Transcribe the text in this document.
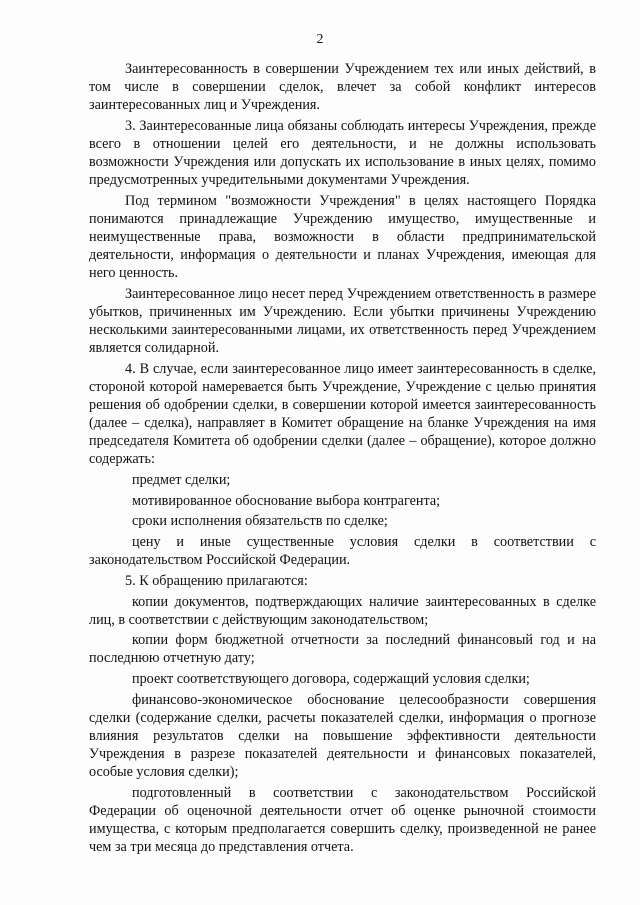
2

Заинтересованность в совершении Учреждением тех или иных действий, в том числе в совершении сделок, влечет за собой конфликт интересов заинтересованных лиц и Учреждения.

3. Заинтересованные лица обязаны соблюдать интересы Учреждения, прежде всего в отношении целей его деятельности, и не должны использовать возможности Учреждения или допускать их использование в иных целях, помимо предусмотренных учредительными документами Учреждения.

Под термином "возможности Учреждения" в целях настоящего Порядка понимаются принадлежащие Учреждению имущество, имущественные и неимущественные права, возможности в области предпринимательской деятельности, информация о деятельности и планах Учреждения, имеющая для него ценность.

Заинтересованное лицо несет перед Учреждением ответственность в размере убытков, причиненных им Учреждению. Если убытки причинены Учреждению несколькими заинтересованными лицами, их ответственность перед Учреждением является солидарной.

4. В случае, если заинтересованное лицо имеет заинтересованность в сделке, стороной которой намеревается быть Учреждение, Учреждение с целью принятия решения об одобрении сделки, в совершении которой имеется заинтересованность (далее – сделка), направляет в Комитет обращение на бланке Учреждения на имя председателя Комитета об одобрении сделки (далее – обращение), которое должно содержать:

предмет сделки;

мотивированное обоснование выбора контрагента;

сроки исполнения обязательств по сделке;

цену и иные существенные условия сделки в соответствии с законодательством Российской Федерации.

5. К обращению прилагаются:

копии документов, подтверждающих наличие заинтересованных в сделке лиц, в соответствии с действующим законодательством;

копии форм бюджетной отчетности за последний финансовый год и на последнюю отчетную дату;

проект соответствующего договора, содержащий условия сделки;

финансово-экономическое обоснование целесообразности совершения сделки (содержание сделки, расчеты показателей сделки, информация о прогнозе влияния результатов сделки на повышение эффективности деятельности Учреждения в разрезе показателей деятельности и финансовых показателей, особые условия сделки);

подготовленный в соответствии с законодательством Российской Федерации об оценочной деятельности отчет об оценке рыночной стоимости имущества, с которым предполагается совершить сделку, произведенной не ранее чем за три месяца до представления отчета.
